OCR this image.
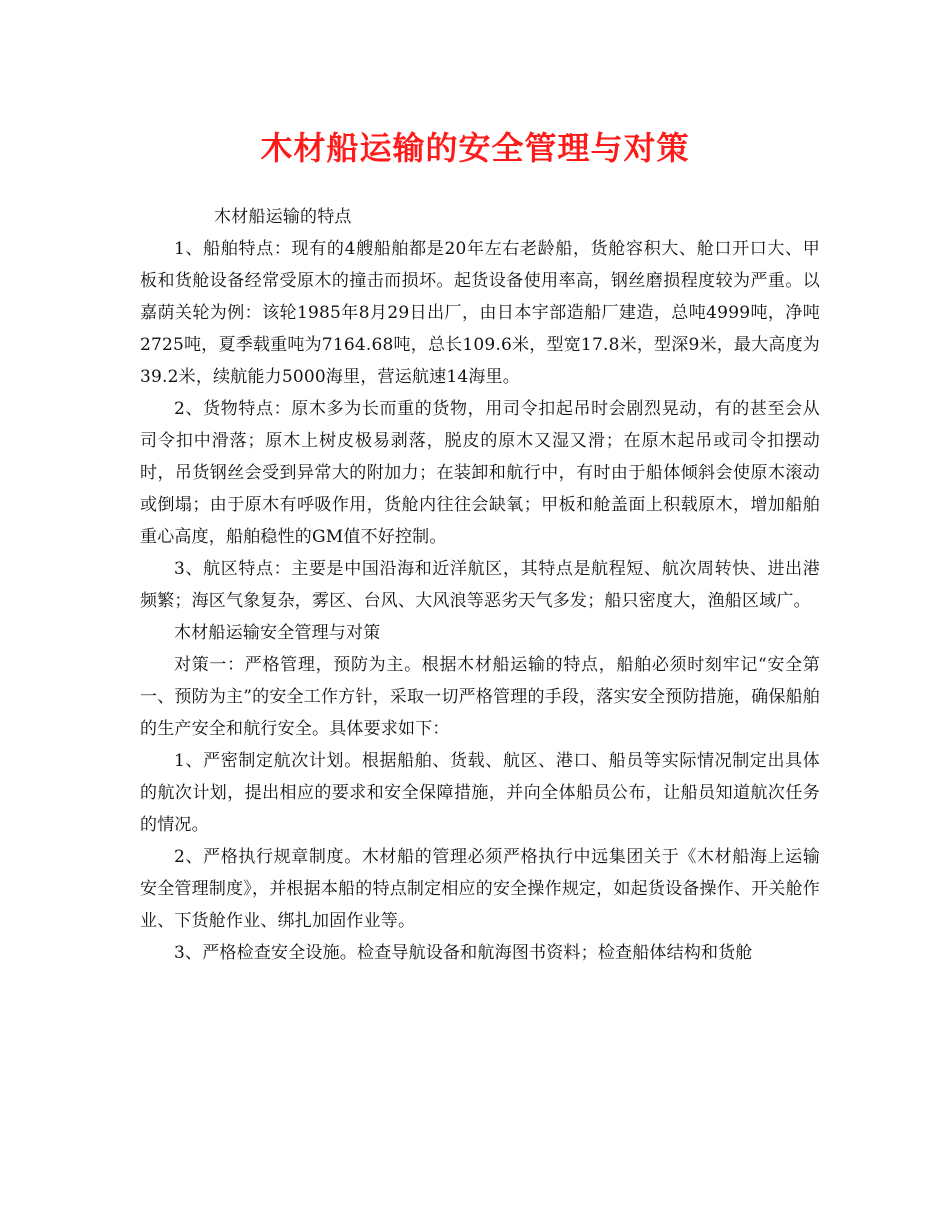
木材船运输的安全管理与对策

木材船运输的特点

1、船舶特点：现有的4艘船舶都是20年左右老龄船，货舱容积大、舱口开口大、甲板和货舱设备经常受原木的撞击而损坏。起货设备使用率高，钢丝磨损程度较为严重。以嘉荫关轮为例：该轮1985年8月29日出厂，由日本宇部造船厂建造，总吨4999吨，净吨2725吨，夏季载重吨为7164.68吨，总长109.6米，型宽17.8米，型深9米，最大高度为39.2米，续航能力5000海里，营运航速14海里。

2、货物特点：原木多为长而重的货物，用司令扣起吊时会剧烈晃动，有的甚至会从司令扣中滑落；原木上树皮极易剥落，脱皮的原木又湿又滑；在原木起吊或司令扣摆动时，吊货钢丝会受到异常大的附加力；在装卸和航行中，有时由于船体倾斜会使原木滚动或倒塌；由于原木有呼吸作用，货舱内往往会缺氧；甲板和舱盖面上积载原木，增加船舶重心高度，船舶稳性的GM值不好控制。

3、航区特点：主要是中国沿海和近洋航区，其特点是航程短、航次周转快、进出港频繁；海区气象复杂，雾区、台风、大风浪等恶劣天气多发；船只密度大，渔船区域广。

木材船运输安全管理与对策

对策一：严格管理，预防为主。根据木材船运输的特点，船舶必须时刻牢记“安全第一、预防为主”的安全工作方针，采取一切严格管理的手段，落实安全预防措施，确保船舶的生产安全和航行安全。具体要求如下：

1、严密制定航次计划。根据船舶、货载、航区、港口、船员等实际情况制定出具体的航次计划，提出相应的要求和安全保障措施，并向全体船员公布，让船员知道航次任务的情况。

2、严格执行规章制度。木材船的管理必须严格执行中远集团关于《木材船海上运输安全管理制度》，并根据本船的特点制定相应的安全操作规定，如起货设备操作、开关舱作业、下货舱作业、绑扎加固作业等。

3、严格检查安全设施。检查导航设备和航海图书资料；检查船体结构和货舱
